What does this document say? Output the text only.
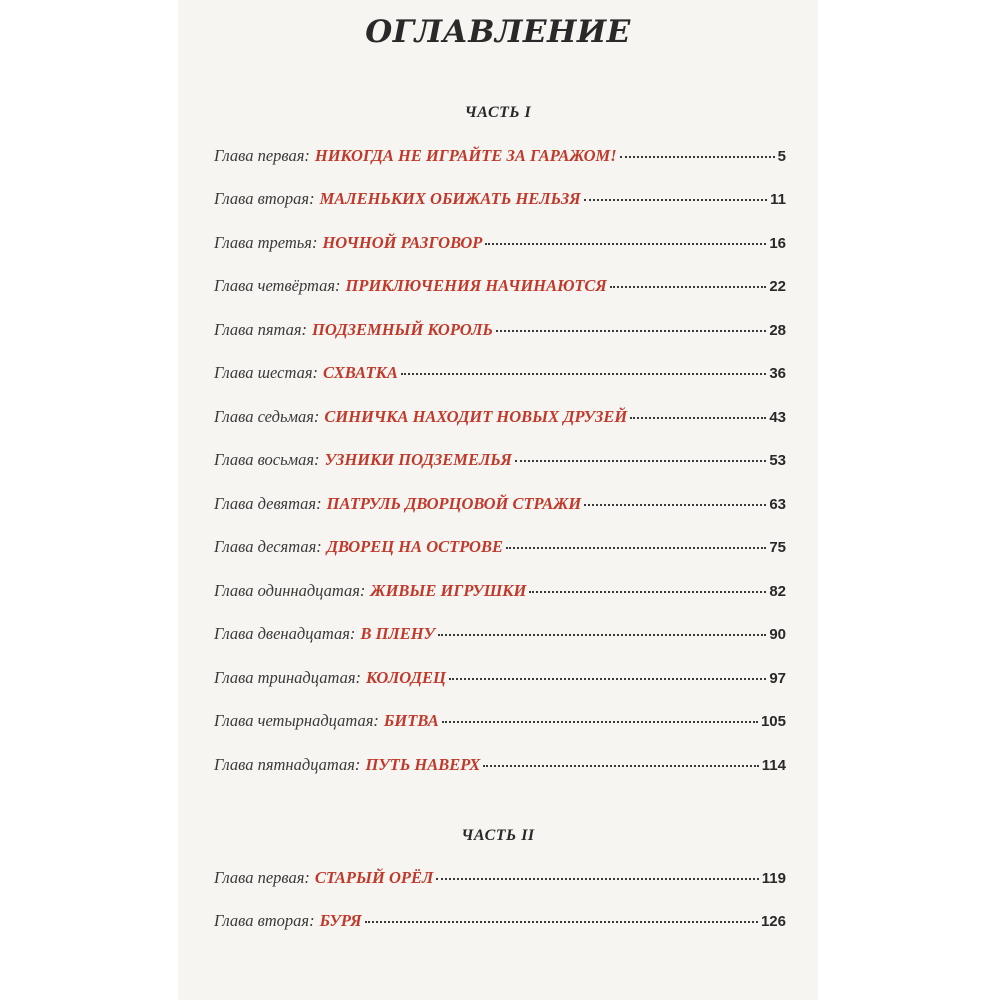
ОГЛАВЛЕНИЕ
ЧАСТЬ I
Глава первая: НИКОГДА НЕ ИГРАЙТЕ ЗА ГАРАЖОМ!	5
Глава вторая: МАЛЕНЬКИХ ОБИЖАТЬ НЕЛЬЗЯ	11
Глава третья: НОЧНОЙ РАЗГОВОР	16
Глава четвёртая: ПРИКЛЮЧЕНИЯ НАЧИНАЮТСЯ	22
Глава пятая: ПОДЗЕМНЫЙ КОРОЛЬ	28
Глава шестая: СХВАТКА	36
Глава седьмая: СИНИЧКА НАХОДИТ НОВЫХ ДРУЗЕЙ	43
Глава восьмая: УЗНИКИ ПОДЗЕМЕЛЬЯ	53
Глава девятая: ПАТРУЛЬ ДВОРЦОВОЙ СТРАЖИ	63
Глава десятая: ДВОРЕЦ НА ОСТРОВЕ	75
Глава одиннадцатая: ЖИВЫЕ ИГРУШКИ	82
Глава двенадцатая: В ПЛЕНУ	90
Глава тринадцатая: КОЛОДЕЦ	97
Глава четырнадцатая: БИТВА	105
Глава пятнадцатая: ПУТЬ НАВЕРХ	114
ЧАСТЬ II
Глава первая: СТАРЫЙ ОРЁЛ	119
Глава вторая: БУРЯ	126
